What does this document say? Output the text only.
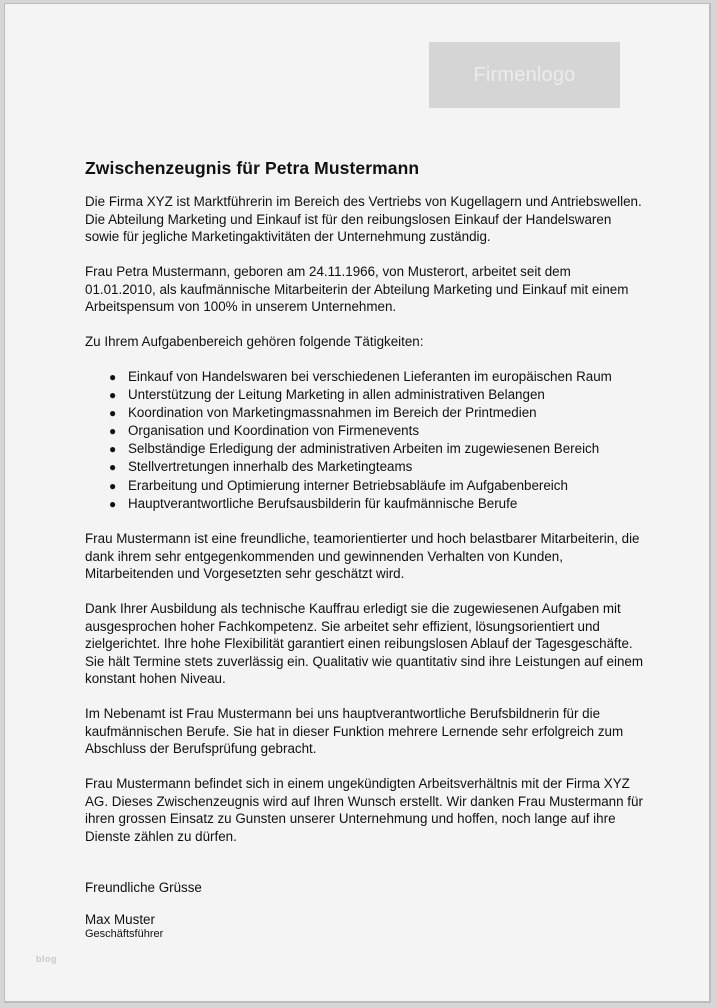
Firmenlogo
Zwischenzeugnis für Petra Mustermann

Die Firma XYZ ist Marktführerin im Bereich des Vertriebs von Kugellagern und Antriebswellen. Die Abteilung Marketing und Einkauf ist für den reibungslosen Einkauf der Handelswaren sowie für jegliche Marketingaktivitäten der Unternehmung zuständig.

Frau Petra Mustermann, geboren am 24.11.1966, von Musterort, arbeitet seit dem 01.01.2010, als kaufmännische Mitarbeiterin der Abteilung Marketing und Einkauf mit einem Arbeitspensum von 100% in unserem Unternehmen.

Zu Ihrem Aufgabenbereich gehören folgende Tätigkeiten:

● Einkauf von Handelswaren bei verschiedenen Lieferanten im europäischen Raum
● Unterstützung der Leitung Marketing in allen administrativen Belangen
● Koordination von Marketingmassnahmen im Bereich der Printmedien
● Organisation und Koordination von Firmenevents
● Selbständige Erledigung der administrativen Arbeiten im zugewiesenen Bereich
● Stellvertretungen innerhalb des Marketingteams
● Erarbeitung und Optimierung interner Betriebsabläufe im Aufgabenbereich
● Hauptverantwortliche Berufsausbilderin für kaufmännische Berufe

Frau Mustermann ist eine freundliche, teamorientierter und hoch belastbarer Mitarbeiterin, die dank ihrem sehr entgegenkommenden und gewinnenden Verhalten von Kunden, Mitarbeitenden und Vorgesetzten sehr geschätzt wird.

Dank Ihrer Ausbildung als technische Kauffrau erledigt sie die zugewiesenen Aufgaben mit ausgesprochen hoher Fachkompetenz. Sie arbeitet sehr effizient, lösungsorientiert und zielgerichtet. Ihre hohe Flexibilität garantiert einen reibungslosen Ablauf der Tagesgeschäfte. Sie hält Termine stets zuverlässig ein. Qualitativ wie quantitativ sind ihre Leistungen auf einem konstant hohen Niveau.

Im Nebenamt ist Frau Mustermann bei uns hauptverantwortliche Berufsbildnerin für die kaufmännischen Berufe. Sie hat in dieser Funktion mehrere Lernende sehr erfolgreich zum Abschluss der Berufsprüfung gebracht.

Frau Mustermann befindet sich in einem ungekündigten Arbeitsverhältnis mit der Firma XYZ AG. Dieses Zwischenzeugnis wird auf Ihren Wunsch erstellt. Wir danken Frau Mustermann für ihren grossen Einsatz zu Gunsten unserer Unternehmung und hoffen, noch lange auf ihre Dienste zählen zu dürfen.

Freundliche Grüsse

Max Muster

Geschäftsführer

blog
